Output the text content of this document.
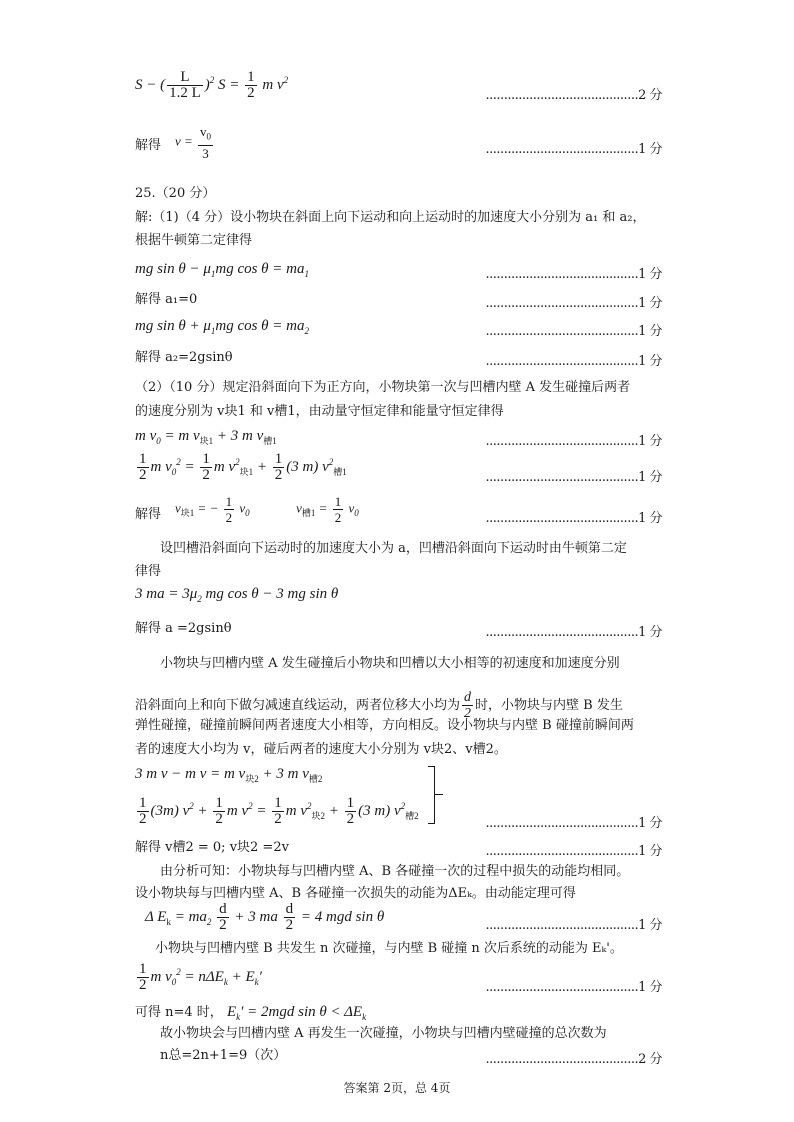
S − ( $\frac{L}{1.2 L} )^2$ $S = \frac{1}{2}$ m $v^2$
..........................................2 分
解得 $v = \frac{v_0}{3}$	..........................................1 分
25.（20 分）
解:（1)（4 分）设小物块在斜面上向下运动和向上运动时的加速度大小分别为 a₁ 和 a₂，
根据牛顿第二定律得
mg $\sin \theta - \mu_1mg$ $\cos \theta = ma_1$	..........................................1 分
解得 a₁=0	..........................................1 分
mg $\sin \theta + \mu_1mg$ $\cos \theta = ma_2$	..........................................1 分
解得 a₂=2gsinθ	..........................................1 分
（2）（10 分）规定沿斜面向下为正方向，小物块第一次与凹槽内壁 A 发生碰撞后两者
的速度分别为 v块1 和 v槽1，由动量守恒定律和能量守恒定律得
m $v_0 = m$ $v_{块1} + 3$ m $v_{槽1}$	..........................................1 分
$\frac{1}{2}$ m $v_0^2 = \frac{1}{2}$ m $v^2_{块1} + \frac{1}{2} (3$ m) $v^2_{槽1}$	..........................................1 分
解得 $v_{块1}$ = − $\frac{1}{2} v_0$	$v_{槽1} = \frac{1}{2} v_0$	..........................................1 分
设凹槽沿斜面向下运动时的加速度大小为 a，凹槽沿斜面向下运动时由牛顿第二定
律得
3 ma = $3\mu_2$ mg cos θ − 3 mg sin θ
解得 a =2gsinθ	..........................................1 分
小物块与凹槽内壁 A 发生碰撞后小物块和凹槽以大小相等的初速度和加速度分别
沿斜面向上和向下做匀减速直线运动，两者位移大小均为 $\frac{d}{2}$ 时，小物块与内壁 B 发生
弹性碰撞，碰撞前瞬间两者速度大小相等，方向相反。设小物块与内壁 B 碰撞前瞬间两
者的速度大小均为 v，碰后两者的速度大小分别为 v块2、v槽2。
3 m v − m v = m $v_{块2} + 3$ m $v_{槽2}$
$\frac{1}{2} (3m) v^2 + \frac{1}{2}$ m $v^2 = \frac{1}{2}$ m $v^2_{块2} + \frac{1}{2} (3$ m) $v^2_{槽2}$
..........................................1 分
解得 v槽2 = 0; v块2 =2v	..........................................1 分
由分析可知：小物块每与凹槽内壁 A、B 各碰撞一次的过程中损失的动能均相同。
设小物块每与凹槽内壁 A、B 各碰撞一次损失的动能为ΔEₖ。由动能定理可得
Δ $E_k = ma_2 \frac{d}{2} + 3$ ma $\frac{d}{2} = 4$ mgd sin θ
..........................................1 分
小物块与凹槽内壁 B 共发生 n 次碰撞，与内壁 B 碰撞 n 次后系统的动能为 Eₖ'。
$\frac{1}{2}$ m $v_0^2 = n\Delta E_k + E_k'$
..........................................1 分
可得 n=4 时， $E_k' = 2mgd$ $\sin \theta < \Delta E_k$
故小物块会与凹槽内壁 A 再发生一次碰撞，小物块与凹槽内壁碰撞的总次数为
n总=2n+1=9（次）	..........................................2 分
答案第 2页，总 4页
